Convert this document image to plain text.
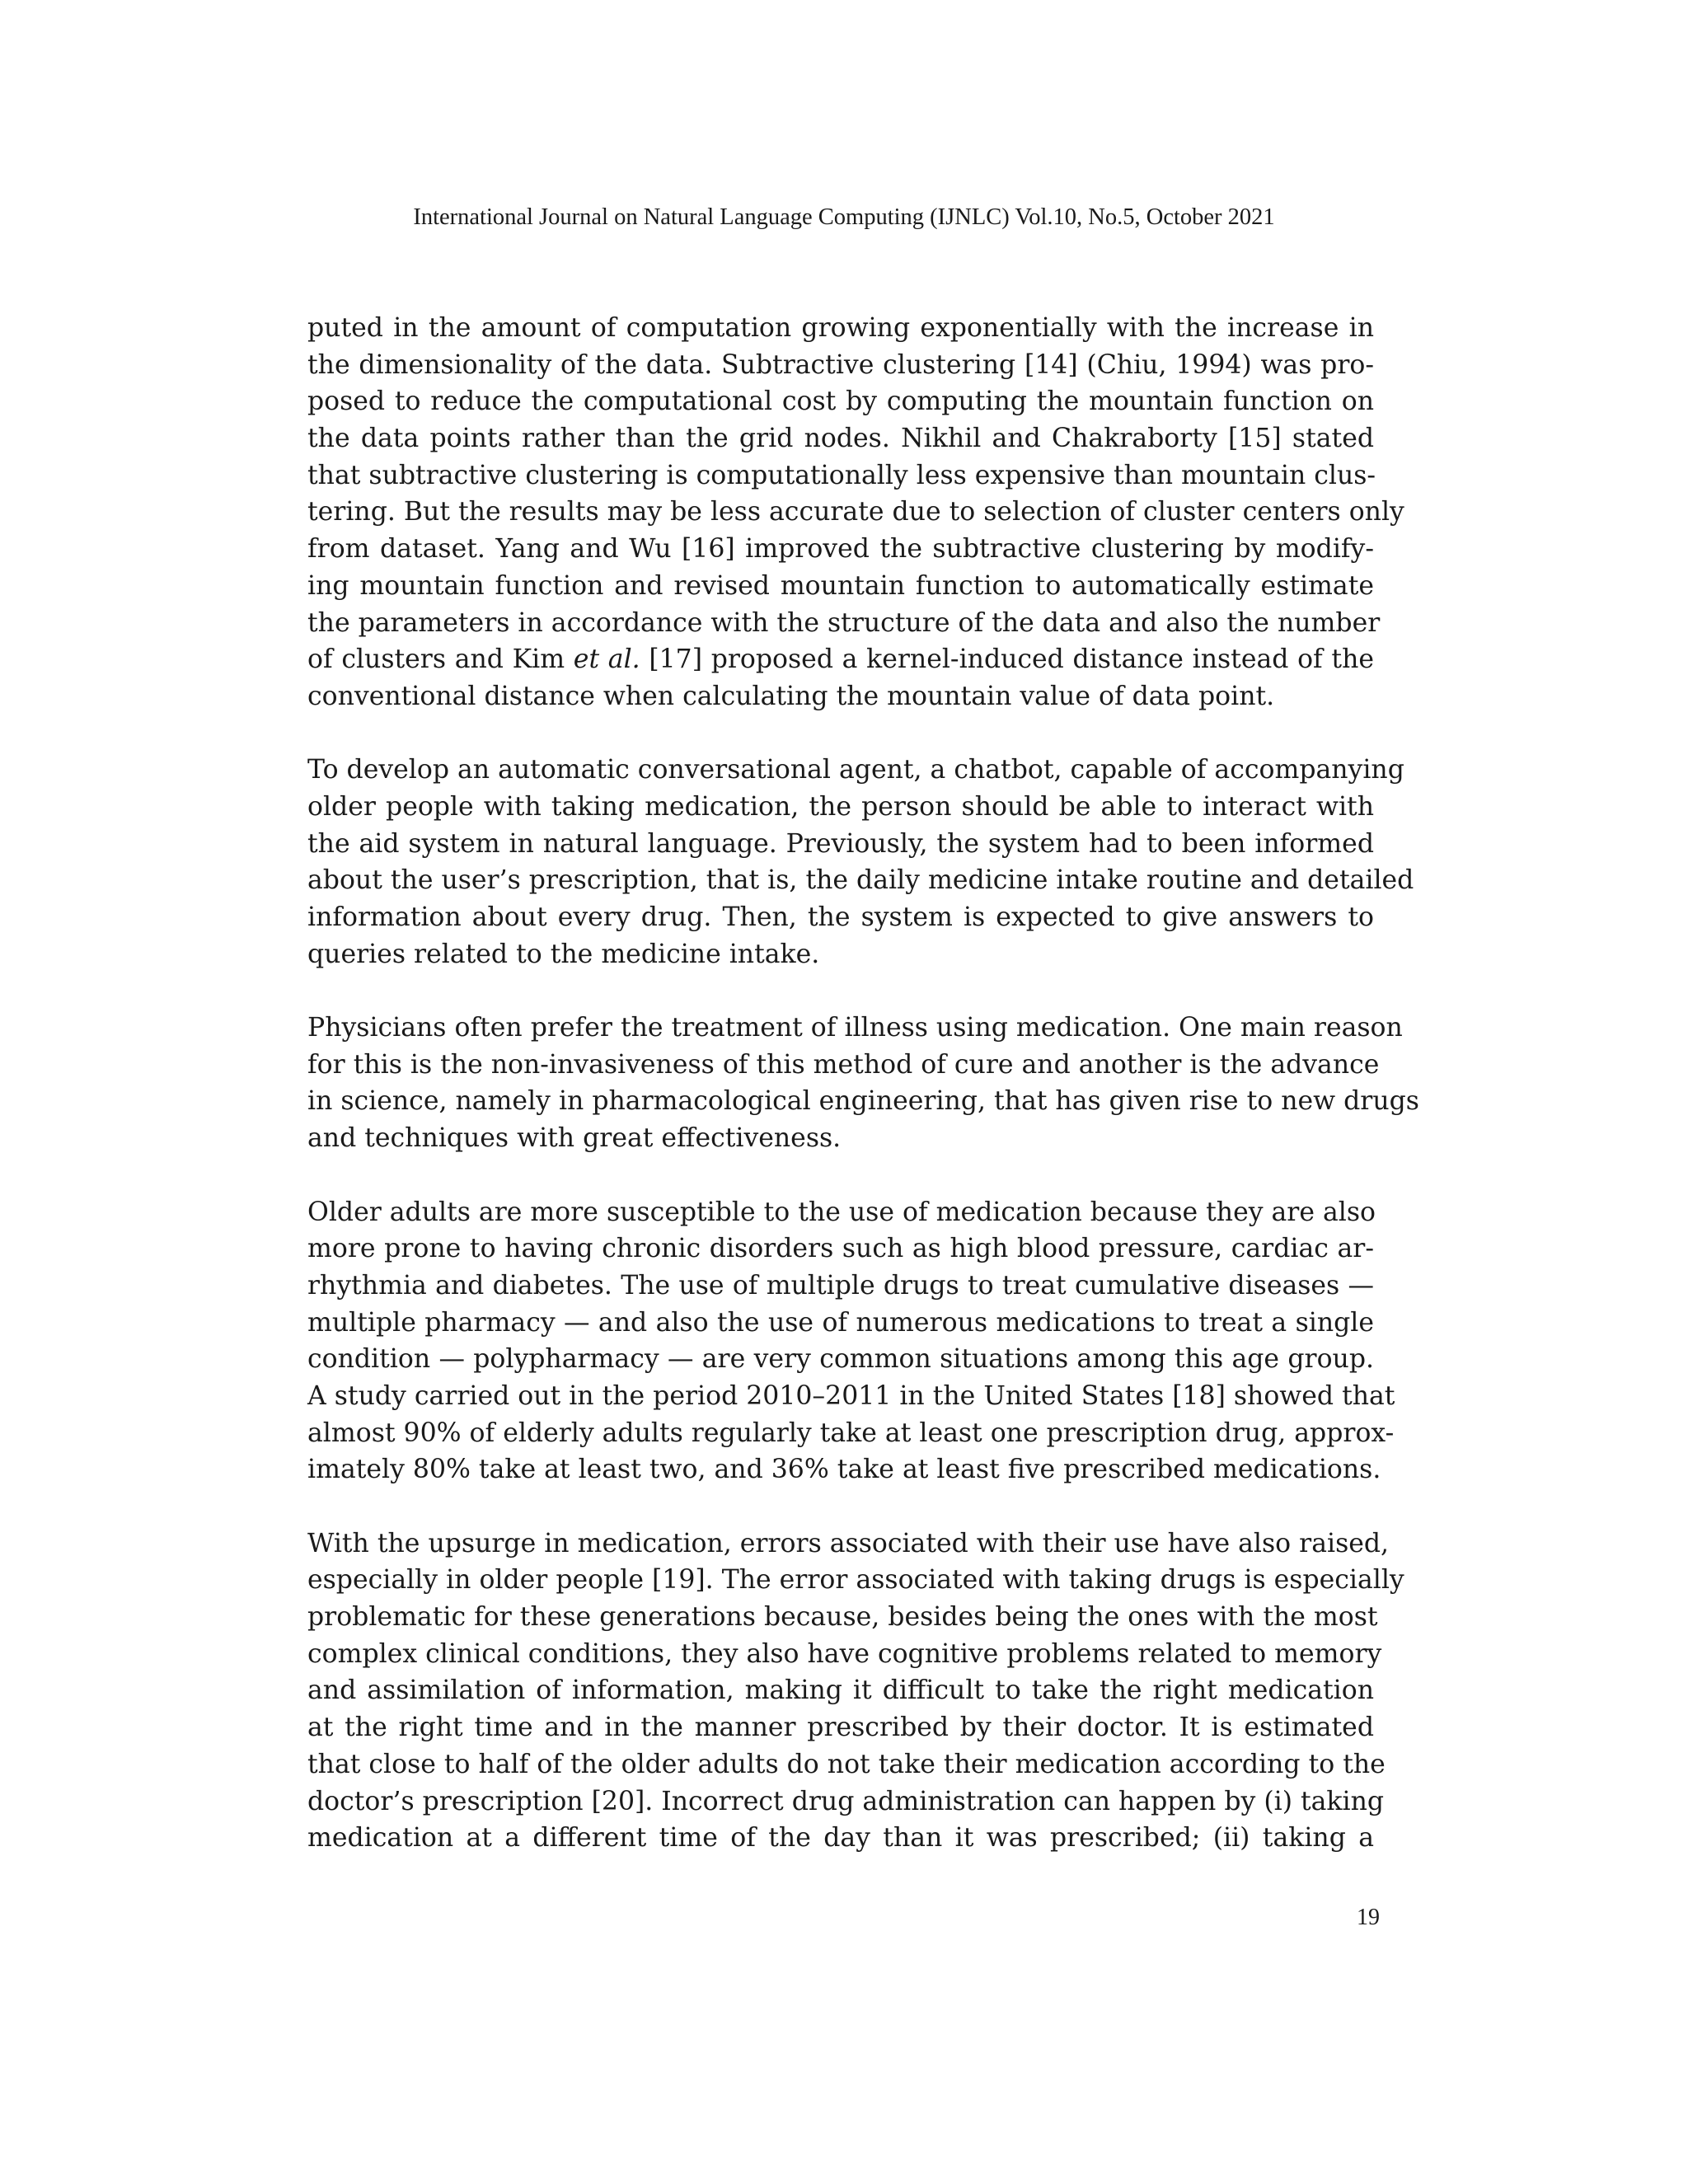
International Journal on Natural Language Computing (IJNLC) Vol.10, No.5, October 2021
puted in the amount of computation growing exponentially with the increase in
the dimensionality of the data. Subtractive clustering [14] (Chiu, 1994) was pro-
posed to reduce the computational cost by computing the mountain function on
the data points rather than the grid nodes. Nikhil and Chakraborty [15] stated
that subtractive clustering is computationally less expensive than mountain clus-
tering. But the results may be less accurate due to selection of cluster centers only
from dataset. Yang and Wu [16] improved the subtractive clustering by modify-
ing mountain function and revised mountain function to automatically estimate
the parameters in accordance with the structure of the data and also the number
of clusters and Kim et al. [17] proposed a kernel-induced distance instead of the
conventional distance when calculating the mountain value of data point.
To develop an automatic conversational agent, a chatbot, capable of accompanying
older people with taking medication, the person should be able to interact with
the aid system in natural language. Previously, the system had to been informed
about the user’s prescription, that is, the daily medicine intake routine and detailed
information about every drug. Then, the system is expected to give answers to
queries related to the medicine intake.
Physicians often prefer the treatment of illness using medication. One main reason
for this is the non-invasiveness of this method of cure and another is the advance
in science, namely in pharmacological engineering, that has given rise to new drugs
and techniques with great effectiveness.
Older adults are more susceptible to the use of medication because they are also
more prone to having chronic disorders such as high blood pressure, cardiac ar-
rhythmia and diabetes. The use of multiple drugs to treat cumulative diseases —
multiple pharmacy — and also the use of numerous medications to treat a single
condition — polypharmacy — are very common situations among this age group.
A study carried out in the period 2010–2011 in the United States [18] showed that
almost 90% of elderly adults regularly take at least one prescription drug, approx-
imately 80% take at least two, and 36% take at least five prescribed medications.
With the upsurge in medication, errors associated with their use have also raised,
especially in older people [19]. The error associated with taking drugs is especially
problematic for these generations because, besides being the ones with the most
complex clinical conditions, they also have cognitive problems related to memory
and assimilation of information, making it difficult to take the right medication
at the right time and in the manner prescribed by their doctor. It is estimated
that close to half of the older adults do not take their medication according to the
doctor’s prescription [20]. Incorrect drug administration can happen by (i) taking
medication at a different time of the day than it was prescribed; (ii) taking a
19
